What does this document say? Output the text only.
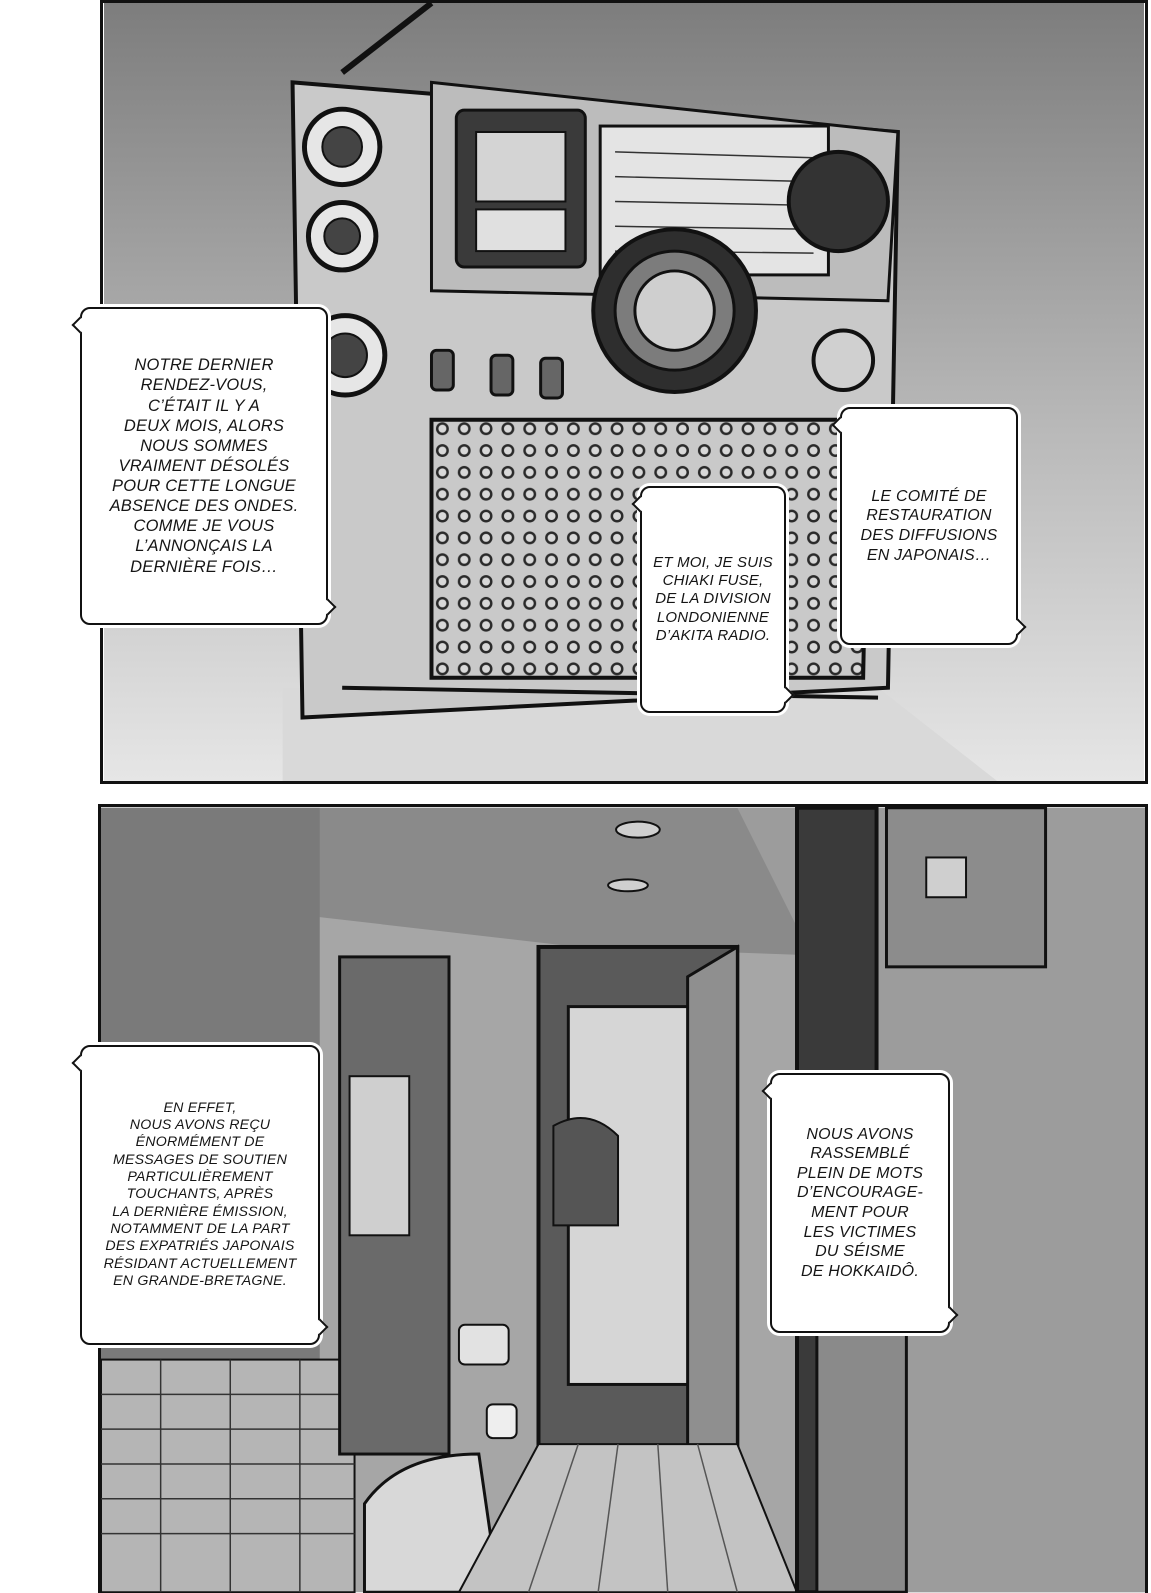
NOTRE DERNIER
RENDEZ-VOUS,
C’ÉTAIT IL Y A
DEUX MOIS, ALORS
NOUS SOMMES
VRAIMENT DÉSOLÉS
POUR CETTE LONGUE
ABSENCE DES ONDES.
COMME JE VOUS
L’ANNONÇAIS LA
DERNIÈRE FOIS…	ET MOI, JE SUIS
CHIAKI FUSE,
DE LA DIVISION
LONDONIENNE
D’AKITA RADIO.
LE COMITÉ DE
RESTAURATION
DES DIFFUSIONS
EN JAPONAIS…
EN EFFET,
NOUS AVONS REÇU
ÉNORMÉMENT DE
MESSAGES DE SOUTIEN
PARTICULIÈREMENT
TOUCHANTS, APRÈS
LA DERNIÈRE ÉMISSION,
NOTAMMENT DE LA PART
DES EXPATRIÉS JAPONAIS
RÉSIDANT ACTUELLEMENT
EN GRANDE-BRETAGNE.
NOUS AVONS
RASSEMBLÉ
PLEIN DE MOTS
D’ENCOURAGE-
MENT POUR
LES VICTIMES
DU SÉISME
DE HOKKAIDÔ.
